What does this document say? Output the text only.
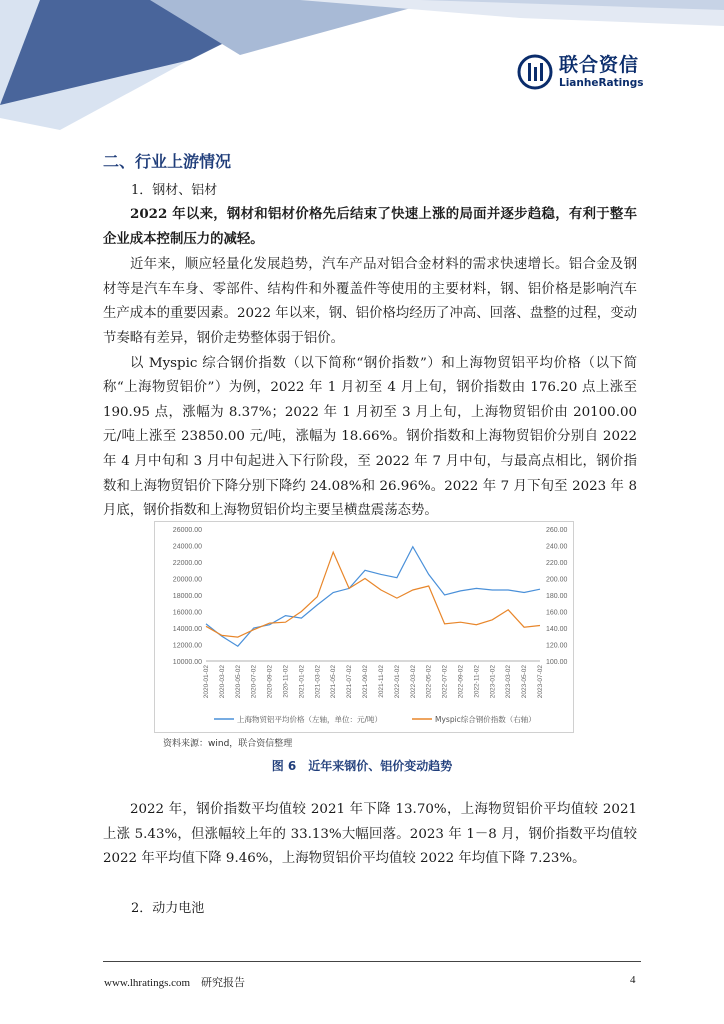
联合资信
LianheRatings
二、行业上游情况
1．钢材、铝材

2022 年以来，钢材和铝材价格先后结束了快速上涨的局面并逐步趋稳，有利于整车企业成本控制压力的减轻。

近年来，顺应轻量化发展趋势，汽车产品对铝合金材料的需求快速增长。铝合金及钢材等是汽车车身、零部件、结构件和外覆盖件等使用的主要材料，钢、铝价格是影响汽车生产成本的重要因素。2022 年以来，钢、铝价格均经历了冲高、回落、盘整的过程，变动节奏略有差异，钢价走势整体弱于铝价。

以 Myspic 综合钢价指数（以下简称“钢价指数”）和上海物贸铝平均价格（以下简称“上海物贸铝价”）为例，2022 年 1 月初至 4 月上旬，钢价指数由 176.20 点上涨至 190.95 点，涨幅为 8.37%；2022 年 1 月初至 3 月上旬，上海物贸铝价由 20100.00 元/吨上涨至 23850.00 元/吨，涨幅为 18.66%。钢价指数和上海物贸铝价分别自 2022 年 4 月中旬和 3 月中旬起进入下行阶段，至 2022 年 7 月中旬，与最高点相比，钢价指数和上海物贸铝价下降分别下降约 24.08%和 26.96%。2022 年 7 月下旬至 2023 年 8 月底，钢价指数和上海物贸铝价均主要呈横盘震荡态势。

10000.00
12000.00
14000.00
16000.00
18000.00
20000.00
22000.00
24000.00
26000.00
100.00
120.00
140.00
160.00
180.00
200.00
220.00
240.00
260.00
2020-01-02 2020-03-02 2020-05-02 2020-07-02 2020-09-02 2020-11-02 2021-01-02 2021-03-02 2021-05-02 2021-07-02 2021-09-02 2021-11-02 2022-01-02 2022-03-02 2022-05-02 2022-07-02 2022-09-02 2022-11-02 2023-01-02 2023-03-02 2023-05-02 2023-07-02
上海物贸铝平均价格（左轴，单位：元/吨）	Myspic综合钢价指数（右轴）
资料来源：wind，联合资信整理
图 6　近年来钢价、铝价变动趋势

2022 年，钢价指数平均值较 2021 年下降 13.70%，上海物贸铝价平均值较 2021 上涨 5.43%，但涨幅较上年的 33.13%大幅回落。2023 年 1－8 月，钢价指数平均值较 2022 年平均值下降 9.46%，上海物贸铝价平均值较 2022 年均值下降 7.23%。

2．动力电池
www.lhratings.com　研究报告	4
